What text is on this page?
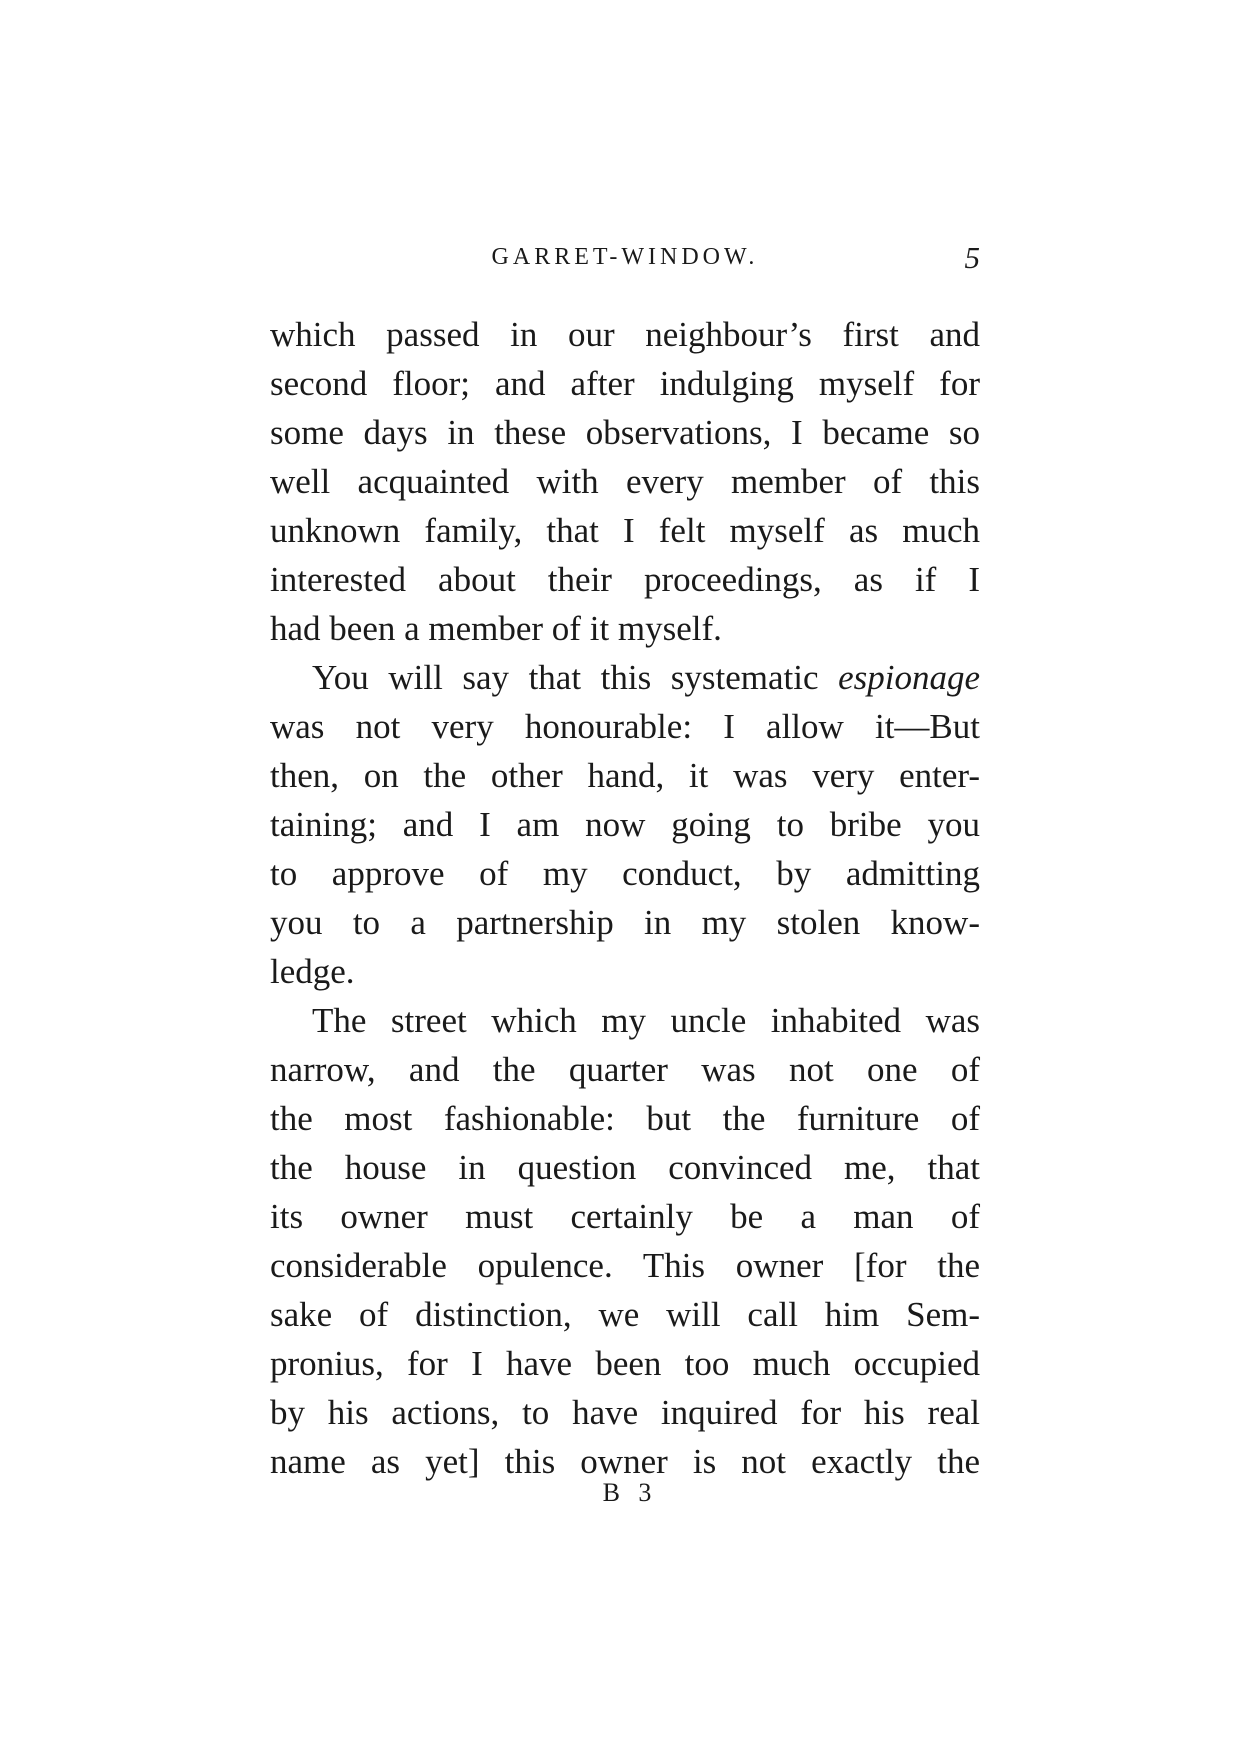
GARRET-WINDOW.	5
which passed in our neighbour’s first and
second floor; and after indulging myself for
some days in these observations, I became so
well acquainted with every member of this
unknown family, that I felt myself as much
interested about their proceedings, as if I
had been a member of it myself.
You will say that this systematic espionage
was not very honourable: I allow it—But
then, on the other hand, it was very enter-
taining; and I am now going to bribe you
to approve of my conduct, by admitting
you to a partnership in my stolen know-
ledge.
The street which my uncle inhabited was
narrow, and the quarter was not one of
the most fashionable: but the furniture of
the house in question convinced me, that
its owner must certainly be a man of
considerable opulence. This owner [for the
sake of distinction, we will call him Sem-
pronius, for I have been too much occupied
by his actions, to have inquired for his real
name as yet] this owner is not exactly the
B 3
